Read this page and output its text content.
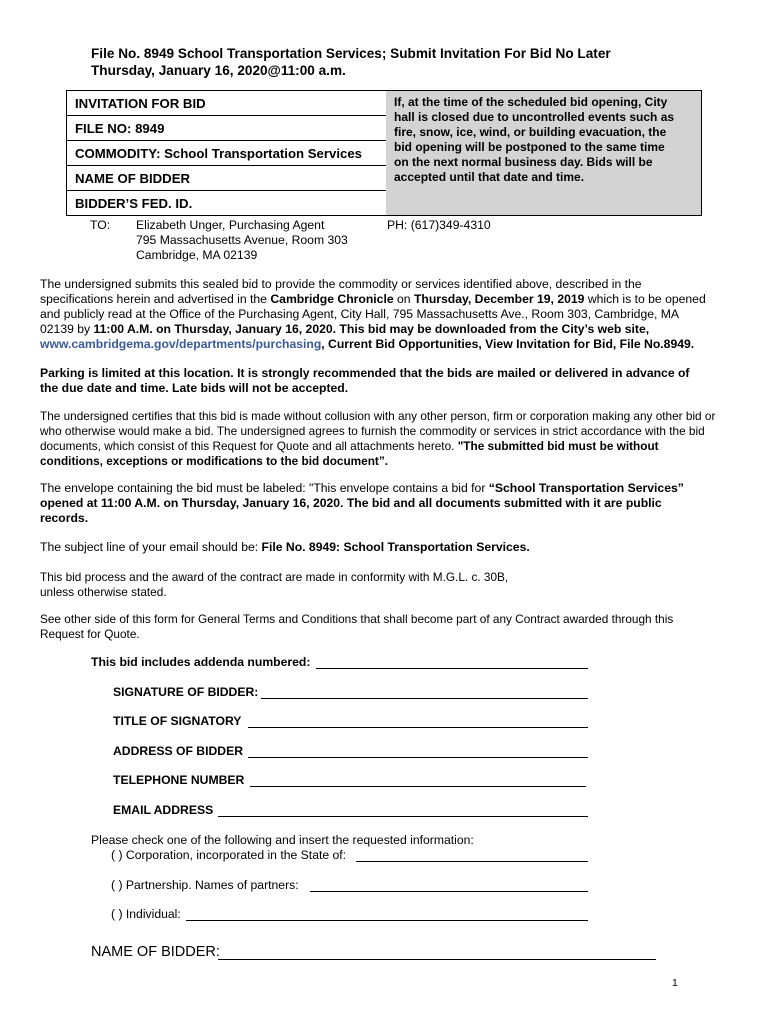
File No. 8949 School Transportation Services; Submit Invitation For Bid No Later
Thursday, January 16, 2020@11:00 a.m.
INVITATION FOR BID
FILE NO: 8949
COMMODITY: School Transportation Services
NAME OF BIDDER
BIDDER’S FED. ID.
If, at the time of the scheduled bid opening, City
hall is closed due to uncontrolled events such as
fire, snow, ice, wind, or building evacuation, the
bid opening will be postponed to the same time
on the next normal business day. Bids will be
accepted until that date and time.
TO: Elizabeth Unger, Purchasing Agent
795 Massachusetts Avenue, Room 303
Cambridge, MA 02139
PH: (617)349-4310
The undersigned submits this sealed bid to provide the commodity or services identified above, described in the
specifications herein and advertised in the Cambridge Chronicle on Thursday, December 19, 2019 which is to be opened
and publicly read at the Office of the Purchasing Agent, City Hall, 795 Massachusetts Ave., Room 303, Cambridge, MA
02139 by 11:00 A.M. on Thursday, January 16, 2020. This bid may be downloaded from the City’s web site,
www.cambridgema.gov/departments/purchasing, Current Bid Opportunities, View Invitation for Bid, File No.8949.
Parking is limited at this location. It is strongly recommended that the bids are mailed or delivered in advance of
the due date and time. Late bids will not be accepted.
The undersigned certifies that this bid is made without collusion with any other person, firm or corporation making any other bid or
who otherwise would make a bid. The undersigned agrees to furnish the commodity or services in strict accordance with the bid
documents, which consist of this Request for Quote and all attachments hereto. "The submitted bid must be without
conditions, exceptions or modifications to the bid document”.
The envelope containing the bid must be labeled: "This envelope contains a bid for “School Transportation Services”
opened at 11:00 A.M. on Thursday, January 16, 2020. The bid and all documents submitted with it are public
records.
The subject line of your email should be: File No. 8949: School Transportation Services.
This bid process and the award of the contract are made in conformity with M.G.L. c. 30B,
unless otherwise stated.
See other side of this form for General Terms and Conditions that shall become part of any Contract awarded through this
Request for Quote.
This bid includes addenda numbered:
SIGNATURE OF BIDDER:
TITLE OF SIGNATORY
ADDRESS OF BIDDER
TELEPHONE NUMBER
EMAIL ADDRESS
Please check one of the following and insert the requested information:
( ) Corporation, incorporated in the State of:
( ) Partnership. Names of partners:
( ) Individual:
NAME OF BIDDER:
1
